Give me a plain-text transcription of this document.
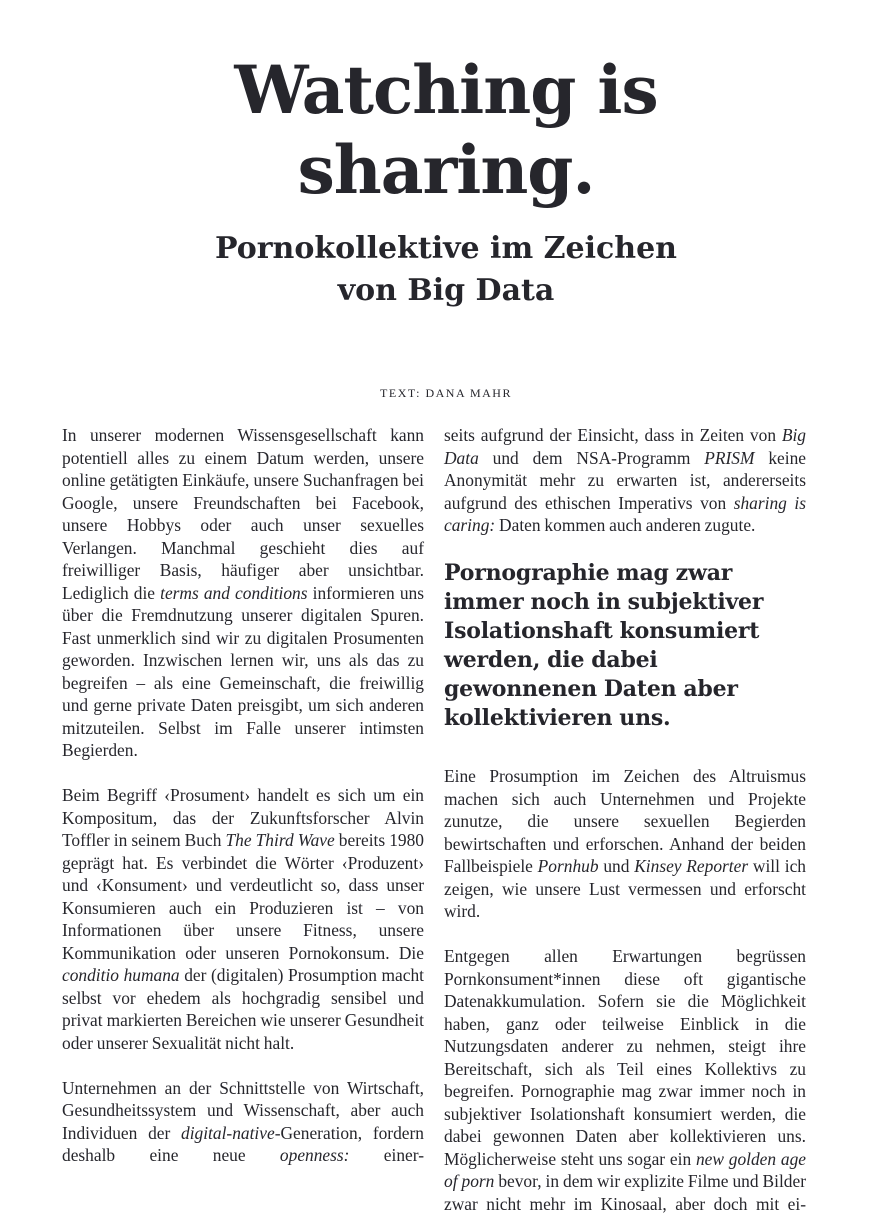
Watching is
sharing.
Pornokollektive im Zeichen
von Big Data
TEXT: DANA MAHR

In unserer modernen Wissensgesellschaft kann potentiell alles zu einem Datum werden, unsere online getätigten Einkäufe, unsere Suchanfragen bei Google, unsere Freundschaften bei Facebook, unsere Hobbys oder auch unser sexuelles Verlangen. Manchmal geschieht dies auf freiwilliger Basis, häufiger aber unsichtbar. Lediglich die terms and conditions informieren uns über die Fremdnutzung unserer digitalen Spuren. Fast unmerklich sind wir zu digitalen Prosumenten geworden. Inzwischen lernen wir, uns als das zu begreifen – als eine Gemeinschaft, die freiwillig und gerne private Daten preisgibt, um sich anderen mitzuteilen. Selbst im Falle unserer intimsten Begierden.

Beim Begriff ‹Prosument› handelt es sich um ein Kompositum, das der Zukunftsforscher Alvin Toffler in seinem Buch The Third Wave bereits 1980 geprägt hat. Es verbindet die Wörter ‹Produzent› und ‹Konsument› und verdeutlicht so, dass unser Konsumieren auch ein Produzieren ist – von Informationen über unsere Fitness, unsere Kommunikation oder unseren Pornokonsum. Die conditio humana der (digitalen) Prosumption macht selbst vor ehedem als hochgradig sensibel und privat markierten Bereichen wie unserer Gesundheit oder unserer Sexualität nicht halt.

Unternehmen an der Schnittstelle von Wirtschaft, Gesundheitssystem und Wissenschaft, aber auch Individuen der digital-native-Generation, fordern deshalb eine neue openness: einer-

seits aufgrund der Einsicht, dass in Zeiten von Big Data und dem NSA-Programm PRISM keine Anonymität mehr zu erwarten ist, andererseits aufgrund des ethischen Imperativs von sharing is caring: Daten kommen auch anderen zugute.

Pornographie mag zwar immer noch in subjektiver Isolationshaft konsumiert werden, die dabei gewonnenen Daten aber kollektivieren uns.

Eine Prosumption im Zeichen des Altruismus machen sich auch Unternehmen und Projekte zunutze, die unsere sexuellen Begierden bewirtschaften und erforschen. Anhand der beiden Fallbeispiele Pornhub und Kinsey Reporter will ich zeigen, wie unsere Lust vermessen und erforscht wird.

Entgegen allen Erwartungen begrüssen Pornkonsument*innen diese oft gigantische Datenakkumulation. Sofern sie die Möglichkeit haben, ganz oder teilweise Einblick in die Nutzungsdaten anderer zu nehmen, steigt ihre Bereitschaft, sich als Teil eines Kollektivs zu begreifen. Pornographie mag zwar immer noch in subjektiver Isolationshaft konsumiert werden, die dabei gewonnen Daten aber kollektivieren uns. Möglicherweise steht uns sogar ein new golden age of porn bevor, in dem wir explizite Filme und Bilder zwar nicht mehr im Kinosaal, aber doch mit ei-
